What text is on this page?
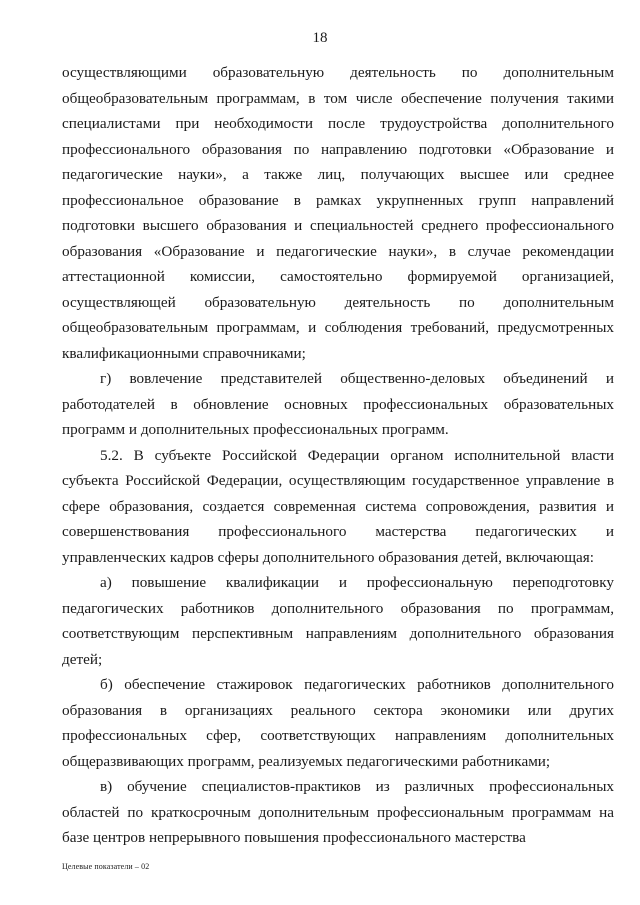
18

осуществляющими образовательную деятельность по дополнительным общеобразовательным программам, в том числе обеспечение получения такими специалистами при необходимости после трудоустройства дополнительного профессионального образования по направлению подготовки «Образование и педагогические науки», а также лиц, получающих высшее или среднее профессиональное образование в рамках укрупненных групп направлений подготовки высшего образования и специальностей среднего профессионального образования «Образование и педагогические науки», в случае рекомендации аттестационной комиссии, самостоятельно формируемой организацией, осуществляющей образовательную деятельность по дополнительным общеобразовательным программам, и соблюдения требований, предусмотренных квалификационными справочниками;

г) вовлечение представителей общественно-деловых объединений и работодателей в обновление основных профессиональных образовательных программ и дополнительных профессиональных программ.

5.2. В субъекте Российской Федерации органом исполнительной власти субъекта Российской Федерации, осуществляющим государственное управление в сфере образования, создается современная система сопровождения, развития и совершенствования профессионального мастерства педагогических и управленческих кадров сферы дополнительного образования детей, включающая:

а) повышение квалификации и профессиональную переподготовку педагогических работников дополнительного образования по программам, соответствующим перспективным направлениям дополнительного образования детей;

б) обеспечение стажировок педагогических работников дополнительного образования в организациях реального сектора экономики или других профессиональных сфер, соответствующих направлениям дополнительных общеразвивающих программ, реализуемых педагогическими работниками;

в) обучение специалистов-практиков из различных профессиональных областей по краткосрочным дополнительным профессиональным программам на базе центров непрерывного повышения профессионального мастерства

Целевые показатели – 02
